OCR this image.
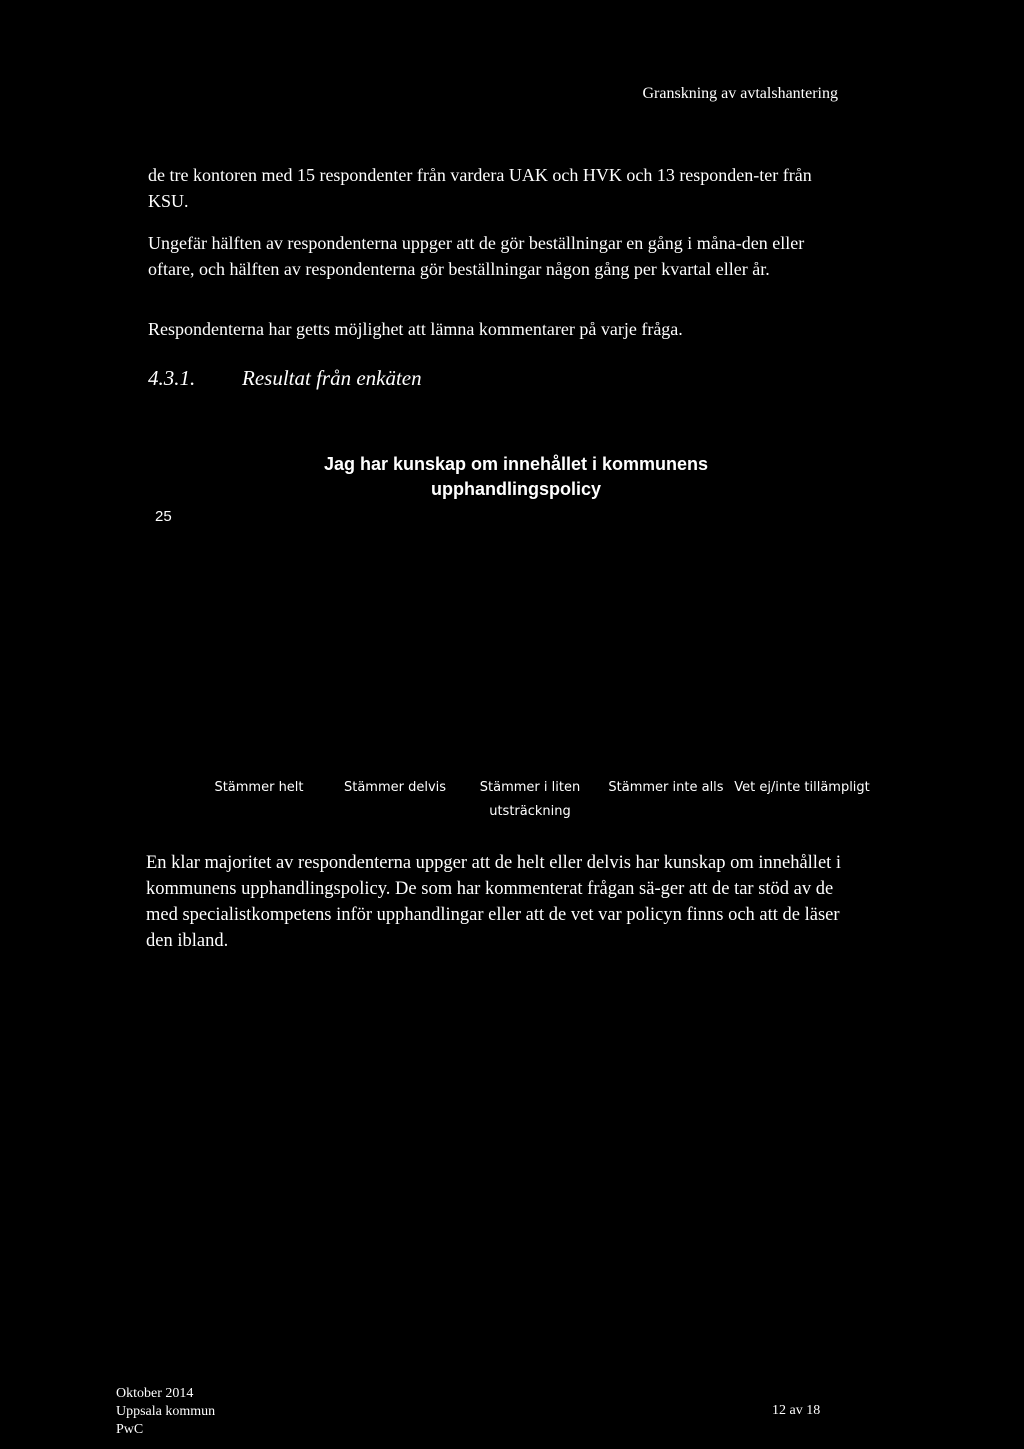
Granskning av avtalshantering
de tre kontoren med 15 respondenter från vardera UAK och HVK och 13 responden-ter från KSU.
Ungefär hälften av respondenterna uppger att de gör beställningar en gång i måna-den eller oftare, och hälften av respondenterna gör beställningar någon gång per kvartal eller år.
Respondenterna har getts möjlighet att lämna kommentarer på varje fråga.
4.3.1. Resultat från enkäten
Jag har kunskap om innehållet i kommunens upphandlingspolicy
25
Stämmer helt	Stämmer delvis	Stämmer i liten utsträckning
Stämmer inte alls Vet ej/inte tillämpligt
En klar majoritet av respondenterna uppger att de helt eller delvis har kunskap om innehållet i kommunens upphandlingspolicy. De som har kommenterat frågan sä-ger att de tar stöd av de med specialistkompetens inför upphandlingar eller att de vet var policyn finns och att de läser den ibland.
Oktober 2014
Uppsala kommun
PwC
12 av 18
